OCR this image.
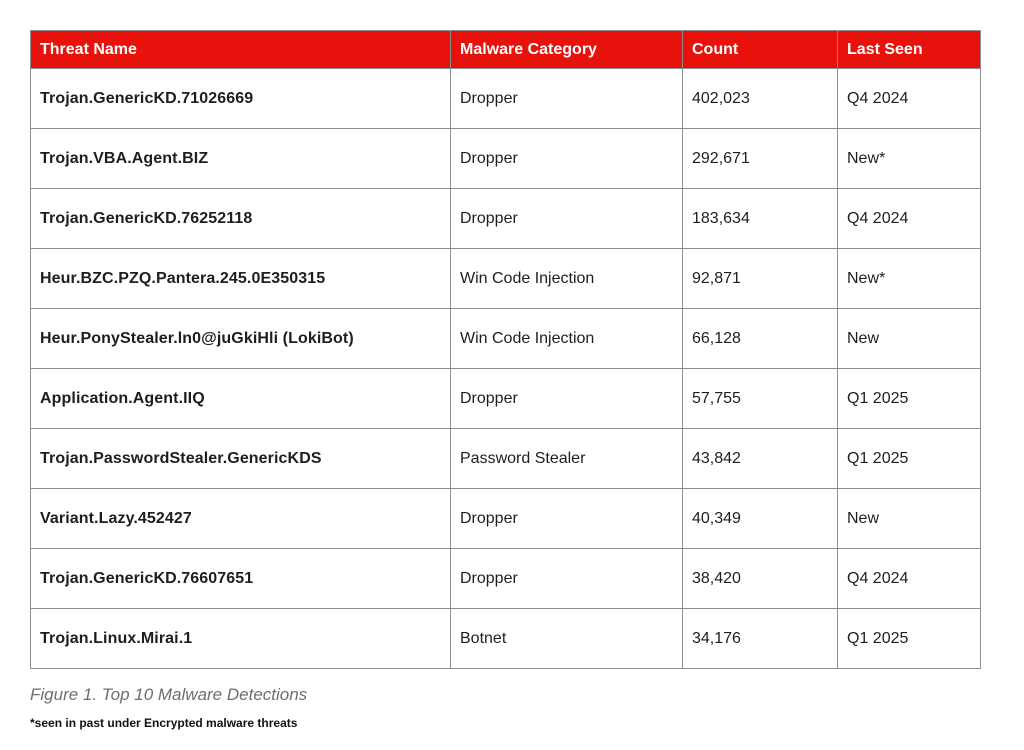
Threat Name	Malware Category	Count	Last Seen
Trojan.GenericKD.71026669	Dropper	402,023	Q4 2024
Trojan.VBA.Agent.BIZ	Dropper	292,671	New*
Trojan.GenericKD.76252118	Dropper	183,634	Q4 2024
Heur.BZC.PZQ.Pantera.245.0E350315	Win Code Injection	92,871	New*
Heur.PonyStealer.ln0@juGkiHli (LokiBot)	Win Code Injection	66,128	New
Application.Agent.IIQ	Dropper	57,755	Q1 2025
Trojan.PasswordStealer.GenericKDS	Password Stealer	43,842	Q1 2025
Variant.Lazy.452427	Dropper	40,349	New
Trojan.GenericKD.76607651	Dropper	38,420	Q4 2024
Trojan.Linux.Mirai.1	Botnet	34,176	Q1 2025

Figure 1. Top 10 Malware Detections

*seen in past under Encrypted malware threats
